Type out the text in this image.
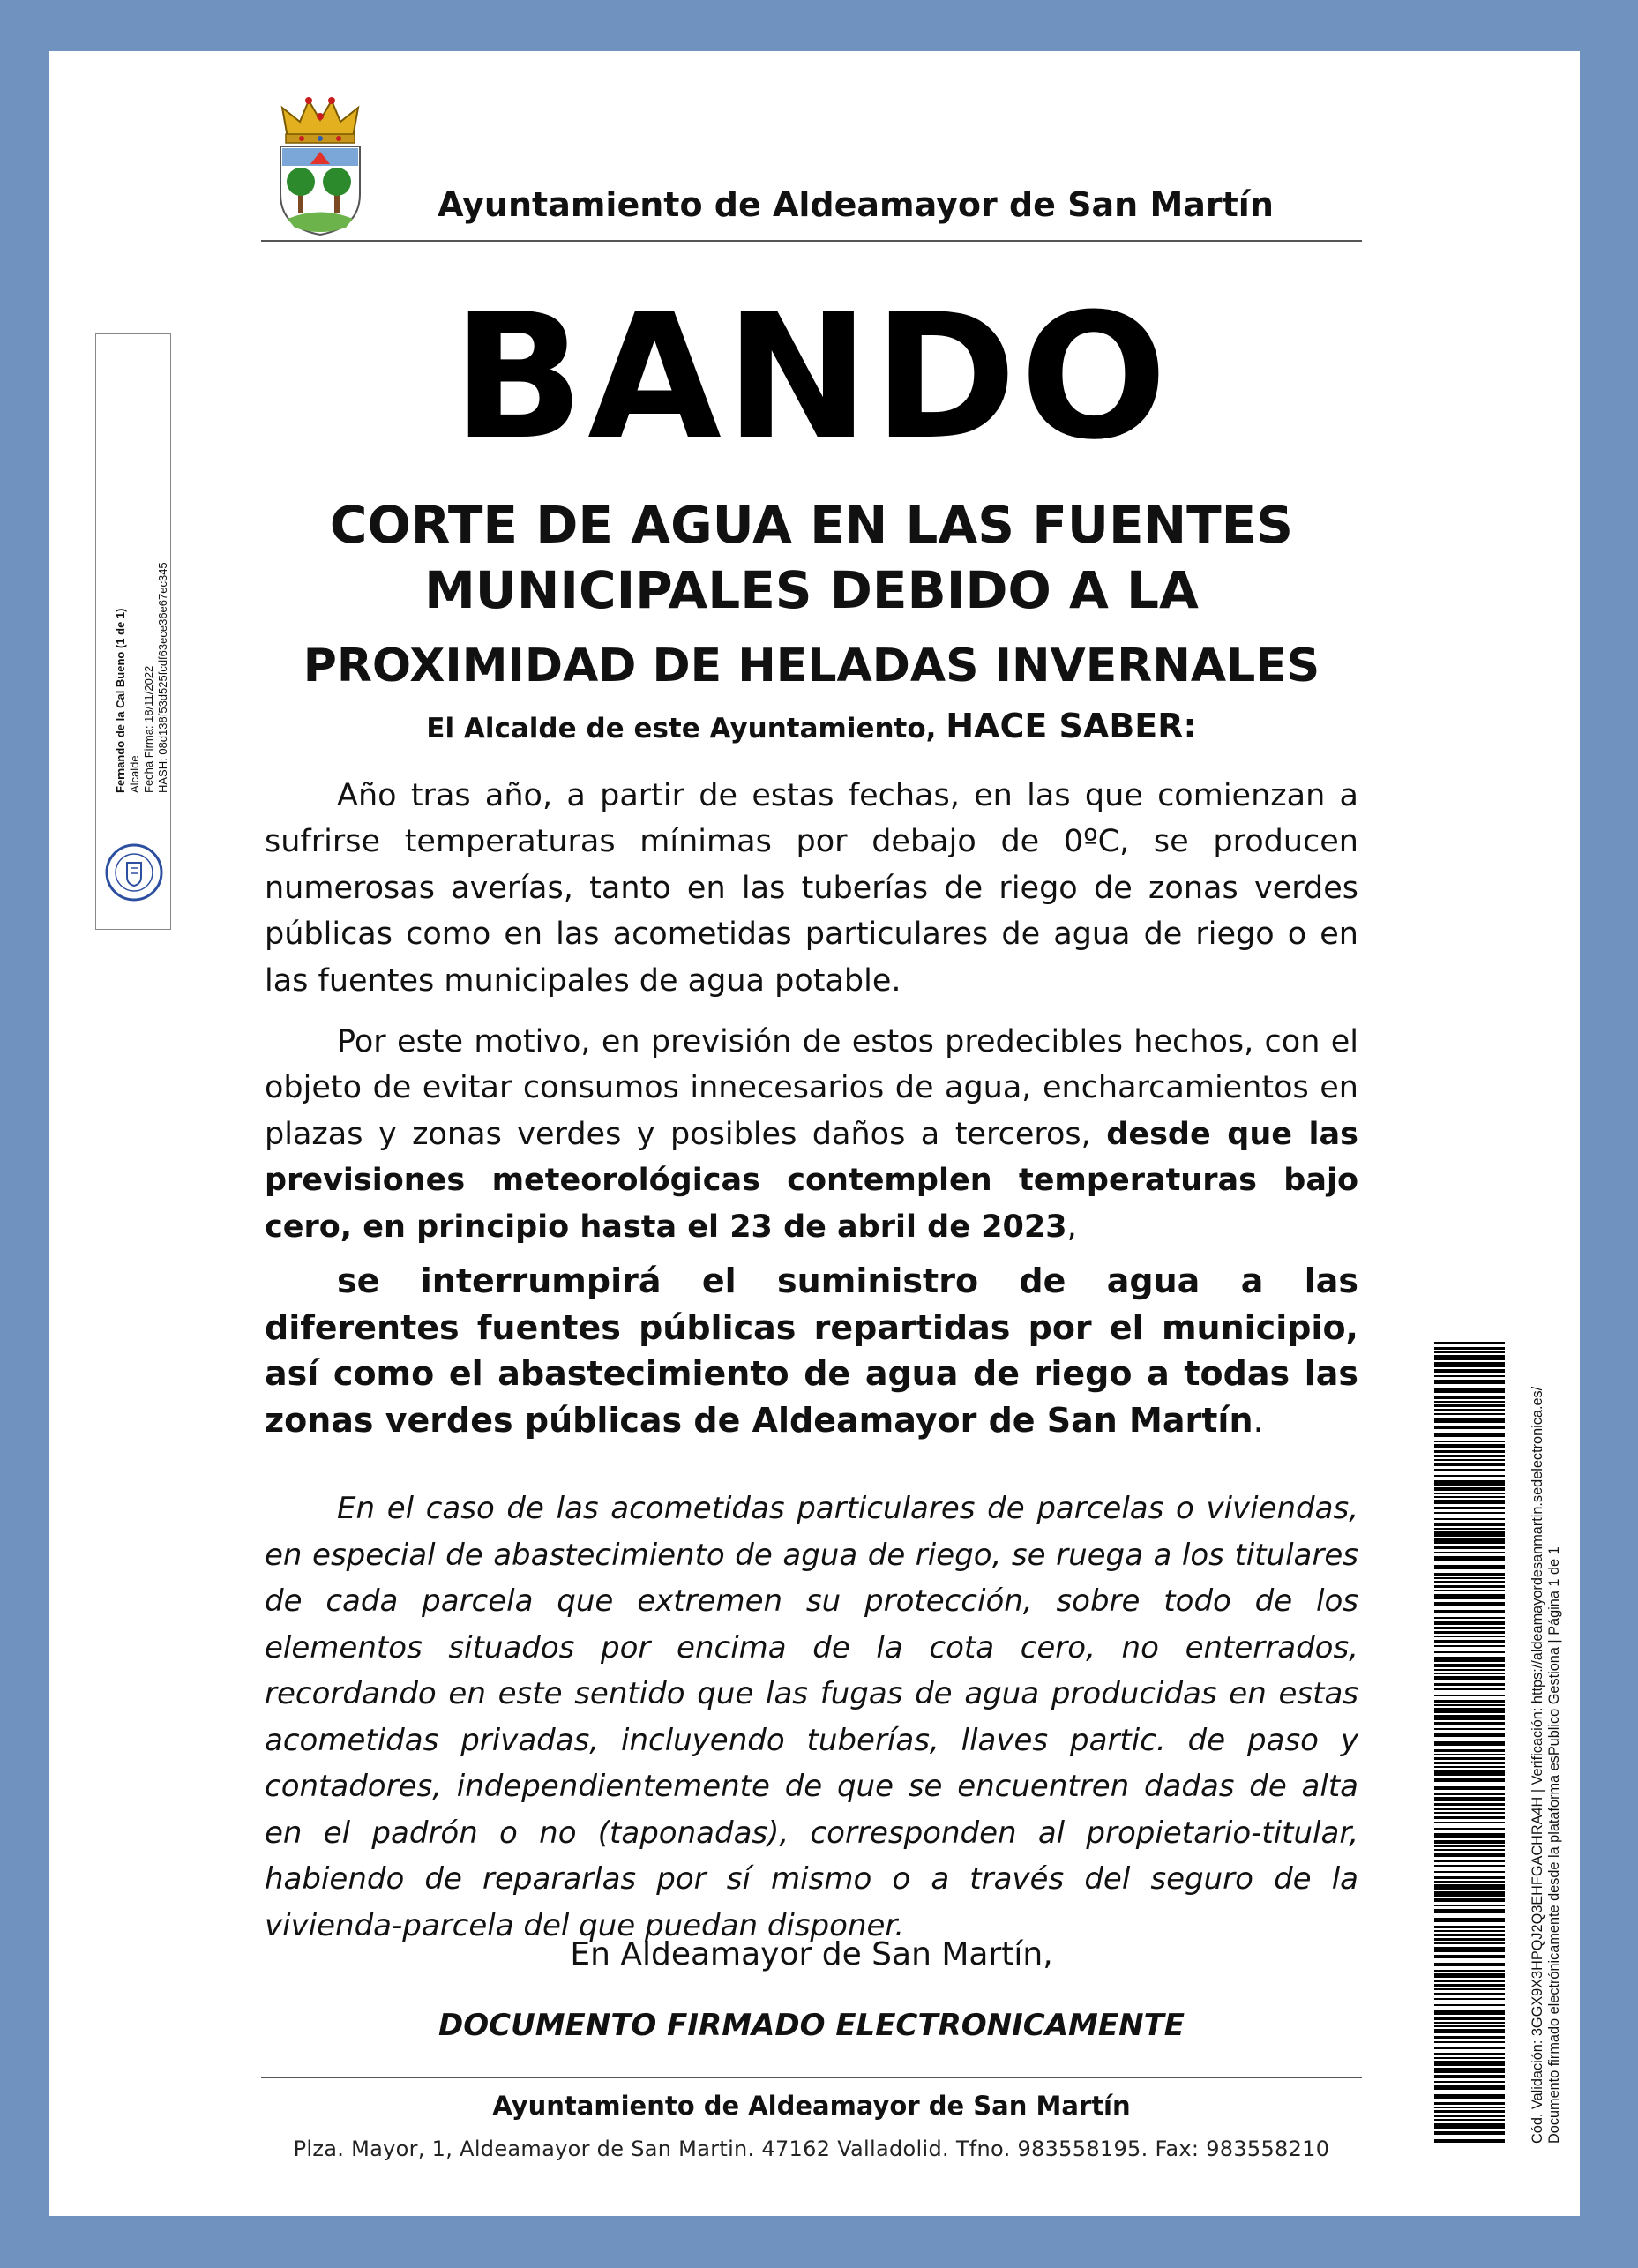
Ayuntamiento de Aldeamayor de San Martín
BANDO
CORTE DE AGUA EN LAS FUENTES
MUNICIPALES DEBIDO A LA
PROXIMIDAD DE HELADAS INVERNALES
El Alcalde de este Ayuntamiento, HACE SABER:

Año tras año, a partir de estas fechas, en las que comienzan a sufrirse temperaturas mínimas por debajo de 0ºC, se producen numerosas averías, tanto en las tuberías de riego de zonas verdes públicas como en las acometidas particulares de agua de riego o en las fuentes municipales de agua potable.

Por este motivo, en previsión de estos predecibles hechos, con el objeto de evitar consumos innecesarios de agua, encharcamientos en plazas y zonas verdes y posibles daños a terceros, desde que las previsiones meteorológicas contemplen temperaturas bajo cero, en principio hasta el 23 de abril de 2023,

se interrumpirá el suministro de agua a las diferentes fuentes públicas repartidas por el municipio, así como el abastecimiento de agua de riego a todas las zonas verdes públicas de Aldeamayor de San Martín.

En el caso de las acometidas particulares de parcelas o viviendas, en especial de abastecimiento de agua de riego, se ruega a los titulares de cada parcela que extremen su protección, sobre todo de los elementos situados por encima de la cota cero, no enterrados, recordando en este sentido que las fugas de agua producidas en estas acometidas privadas, incluyendo tuberías, llaves partic. de paso y contadores, independientemente de que se encuentren dadas de alta en el padrón o no (taponadas), corresponden al propietario-titular, habiendo de repararlas por sí mismo o a través del seguro de la vivienda-parcela del que puedan disponer.

En Aldeamayor de San Martín,
DOCUMENTO FIRMADO ELECTRONICAMENTE
Ayuntamiento de Aldeamayor de San Martín
Plza. Mayor, 1, Aldeamayor de San Martin. 47162 Valladolid. Tfno. 983558195. Fax: 983558210
Fernando de la Cal Bueno (1 de 1) Alcalde Fecha Firma: 18/11/2022 HASH: 08d138f53d525fcdf63ece36e67ec345
Cód. Validación: 3GGX9X3HPQJ2Q3EHFGACHRA4H | Verificación: https://aldeamayordesanmartin.sedelectronica.es/ Documento firmado electrónicamente desde la plataforma esPublico Gestiona | Página 1 de 1
